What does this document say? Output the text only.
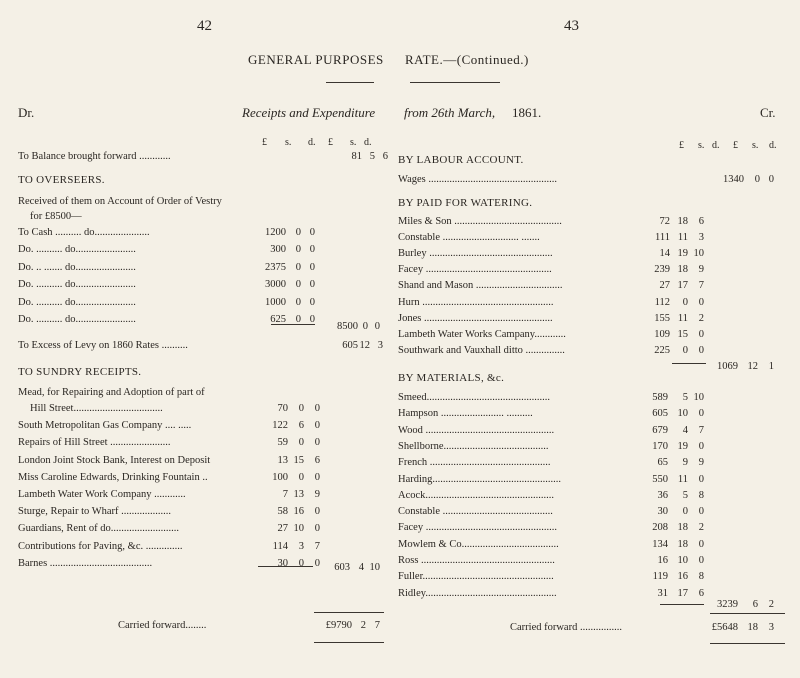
42	43
GENERAL PURPOSES RATE.—(Continued.)
Dr.	Receipts and Expenditure from 26th March, 1861.	Cr.
£ s. d. £ s. d.	£ s. d. £ s. d.
To Balance brought forward ............	81 5 6
TO OVERSEERS.
Received of them on Account of Order of Vestry
for £8500—
To Cash .......... do.....................	1200 0 0
Do. .......... do.......................	300 0 0
Do. .. ....... do.......................	2375 0 0
Do. .......... do.......................	3000 0 0
Do. .......... do.......................	1000 0 0
Do. .......... do.......................	625 0 0
8500 0 0
To Excess of Levy on 1860 Rates ..........	605 12 3
TO SUNDRY RECEIPTS.
Mead, for Repairing and Adoption of part of
Hill Street..................................	70	0	0
South Metropolitan Gas Company .... .....	122	6	0
Repairs of Hill Street .......................	59	0	0
London Joint Stock Bank, Interest on Deposit	13 15	6
Miss Caroline Edwards, Drinking Fountain ..	100	0	0
Lambeth Water Work Company ............	7 13	9
Sturge, Repair to Wharf ...................	58 16	0
Guardians, Rent of do..........................	27 10	0
Contributions for Paving, &c. ..............	114	3	7
Barnes .......................................	30	0	0	603 4 10
Carried forward........	£9790 2 7
BY LABOUR ACCOUNT.
Wages .................................................	1340	0 0
BY PAID FOR WATERING.
Miles & Son .........................................	72 18	6
Constable ............................. .......	111 11	3
Burley ...............................................	14 19 10
Facey ................................................	239 18	9
Shand and Mason .................................	27 17	7
Hurn ..................................................	112	0	0
Jones .................................................	155 11	2
Lambeth Water Works Campany............	109 15	0
Southwark and Vauxhall ditto ...............	225	0	0
1069 12	1
BY MATERIALS, &c.
Smeed...............................................	589	5 10
Hampson ........................ ..........	605 10	0
Wood .................................................	679	4	7
Shellborne........................................	170 19	0
French ..............................................	65	9	9
Harding.................................................	550 11	0
Acock.................................................	36	5	8
Constable ..........................................	30	0	0
Facey ..................................................	208 18	2
Mowlem & Co.....................................	134 18	0
Ross ...................................................	16 10	0
Fuller..................................................	119 16	8
Ridley..................................................	31 17	6
3239	6	2
Carried forward ................	£5648 18	3
